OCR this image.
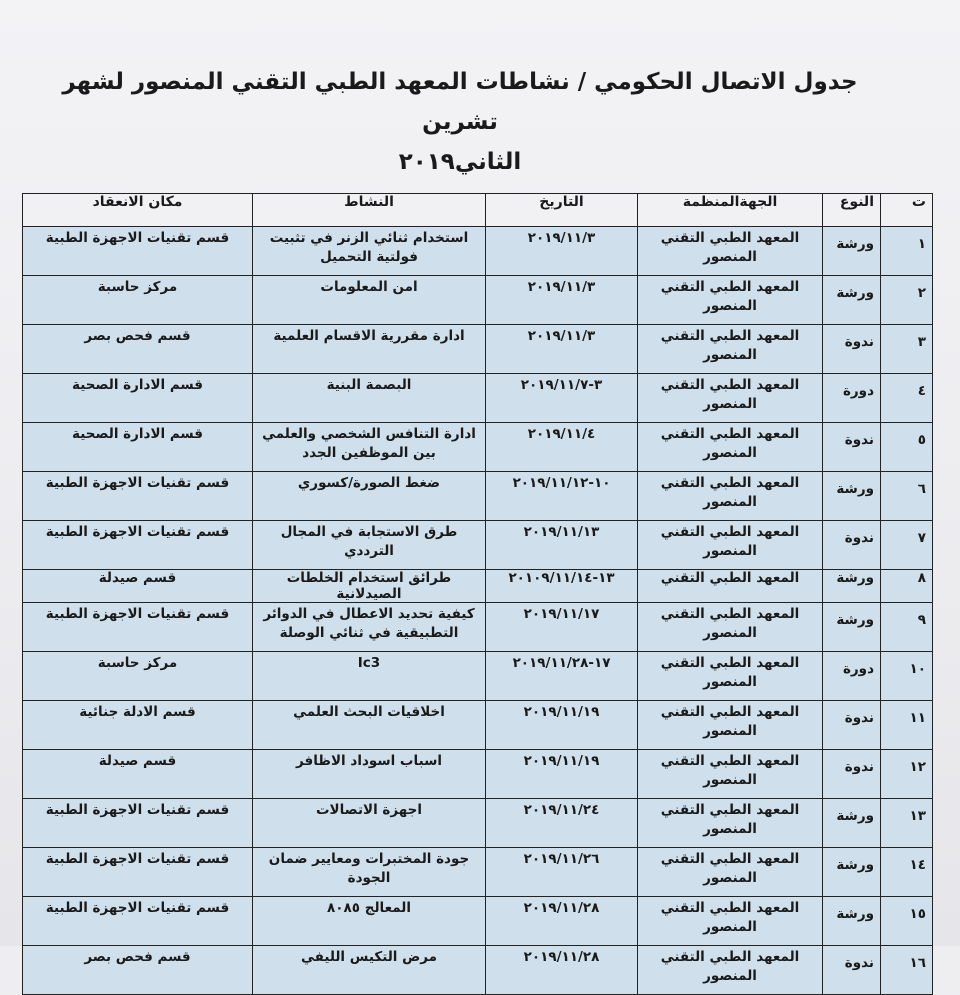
جدول الاتصال الحكومي / نشاطات المعهد الطبي التقني المنصور لشهر تشرين
الثاني٢٠١٩
ت	النوع	الجهةالمنظمة	التاريخ	النشاط	مكان الانعقاد
١	ورشة	المعهد الطبي التقني المنصور	٢٠١٩/١١/٣	استخدام ثنائي الزنر في تثبيت فولتية التحميل	قسم تقنيات الاجهزة الطبية
٢	ورشة	المعهد الطبي التقني المنصور	٢٠١٩/١١/٣	امن المعلومات	مركز حاسبة
٣	ندوة	المعهد الطبي التقني المنصور	٢٠١٩/١١/٣	ادارة مقررية الاقسام العلمية	قسم فحص بصر
٤	دورة	المعهد الطبي التقني المنصور	٣-٢٠١٩/١١/٧	البصمة البنية	قسم الادارة الصحية
٥	ندوة	المعهد الطبي التقني المنصور	٢٠١٩/١١/٤	ادارة التنافس الشخصي والعلمي بين الموظفين الجدد	قسم الادارة الصحية
٦	ورشة	المعهد الطبي التقني المنصور	١٠-٢٠١٩/١١/١٢	ضغط الصورة/كسوري	قسم تقنيات الاجهزة الطبية
٧	ندوة	المعهد الطبي التقني المنصور	٢٠١٩/١١/١٣	طرق الاستجابة في المجال الترددي	قسم تقنيات الاجهزة الطبية
٨	ورشة	المعهد الطبي التقني	١٣-٢٠١٠٩/١١/١٤	طرائق استخدام الخلطات الصيدلانية	قسم صيدلة
٩	ورشة	المعهد الطبي التقني المنصور	٢٠١٩/١١/١٧	كيفية تحديد الاعطال في الدوائر التطبيقية في ثنائي الوصلة	قسم تقنيات الاجهزة الطبية
١٠	دورة	المعهد الطبي التقني المنصور	١٧-٢٠١٩/١١/٢٨	Ic3	مركز حاسبة
١١	ندوة	المعهد الطبي التقني المنصور	٢٠١٩/١١/١٩	اخلاقيات البحث العلمي	قسم الادلة جنائية
١٢	ندوة	المعهد الطبي التقني المنصور	٢٠١٩/١١/١٩	اسباب اسوداد الاظافر	قسم صيدلة
١٣	ورشة	المعهد الطبي التقني المنصور	٢٠١٩/١١/٢٤	اجهزة الاتصالات	قسم تقنيات الاجهزة الطبية
١٤	ورشة	المعهد الطبي التقني المنصور	٢٠١٩/١١/٢٦	جودة المختبرات ومعايير ضمان الجودة	قسم تقنيات الاجهزة الطبية
١٥	ورشة	المعهد الطبي التقني المنصور	٢٠١٩/١١/٢٨	المعالج ٨٠٨٥	قسم تقنيات الاجهزة الطبية
١٦	ندوة	المعهد الطبي التقني المنصور	٢٠١٩/١١/٢٨	مرض التكيس الليفي	قسم فحص بصر
